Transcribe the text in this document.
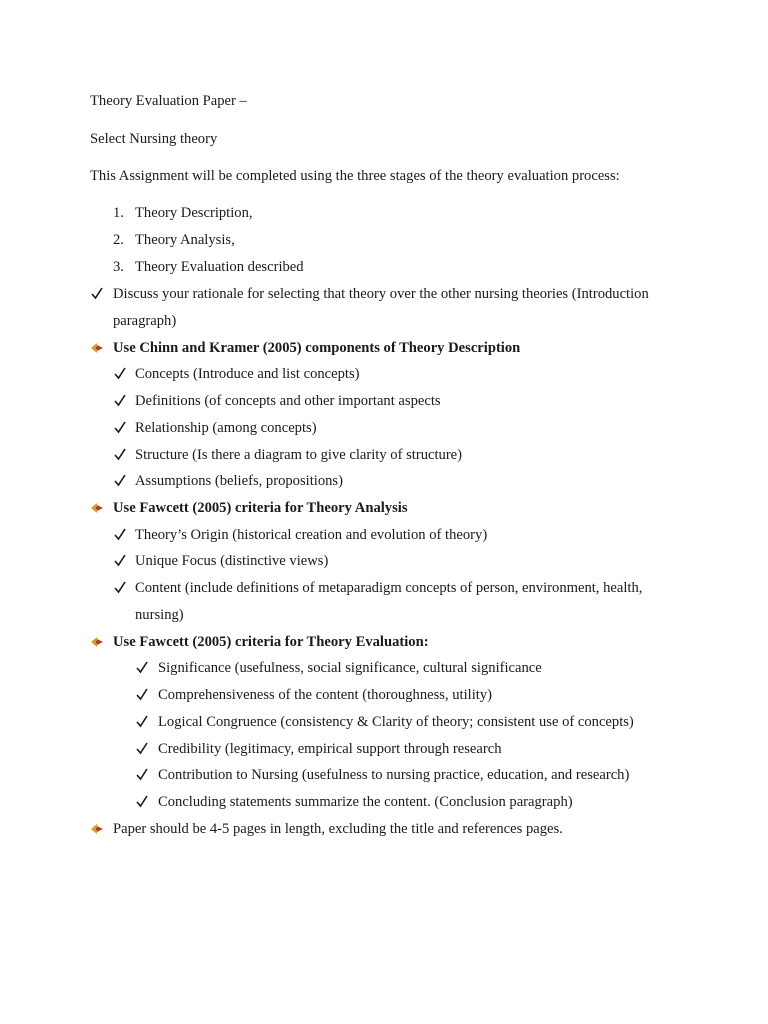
Theory Evaluation Paper –
Select Nursing theory
This Assignment will be completed using the three stages of the theory evaluation process:
1. Theory Description,
2. Theory Analysis,
3. Theory Evaluation described
Discuss your rationale for selecting that theory over the other nursing theories (Introduction
paragraph)
Use Chinn and Kramer (2005) components of Theory Description
Concepts (Introduce and list concepts)
Definitions (of concepts and other important aspects
Relationship (among concepts)
Structure (Is there a diagram to give clarity of structure)
Assumptions (beliefs, propositions)
Use Fawcett (2005) criteria for Theory Analysis
Theory’s Origin (historical creation and evolution of theory)
Unique Focus (distinctive views)
Content (include definitions of metaparadigm concepts of person, environment, health,
nursing)
Use Fawcett (2005) criteria for Theory Evaluation:
Significance (usefulness, social significance, cultural significance
Comprehensiveness of the content (thoroughness, utility)
Logical Congruence (consistency & Clarity of theory; consistent use of concepts)
Credibility (legitimacy, empirical support through research
Contribution to Nursing (usefulness to nursing practice, education, and research)
Concluding statements summarize the content. (Conclusion paragraph)
Paper should be 4-5 pages in length, excluding the title and references pages.
